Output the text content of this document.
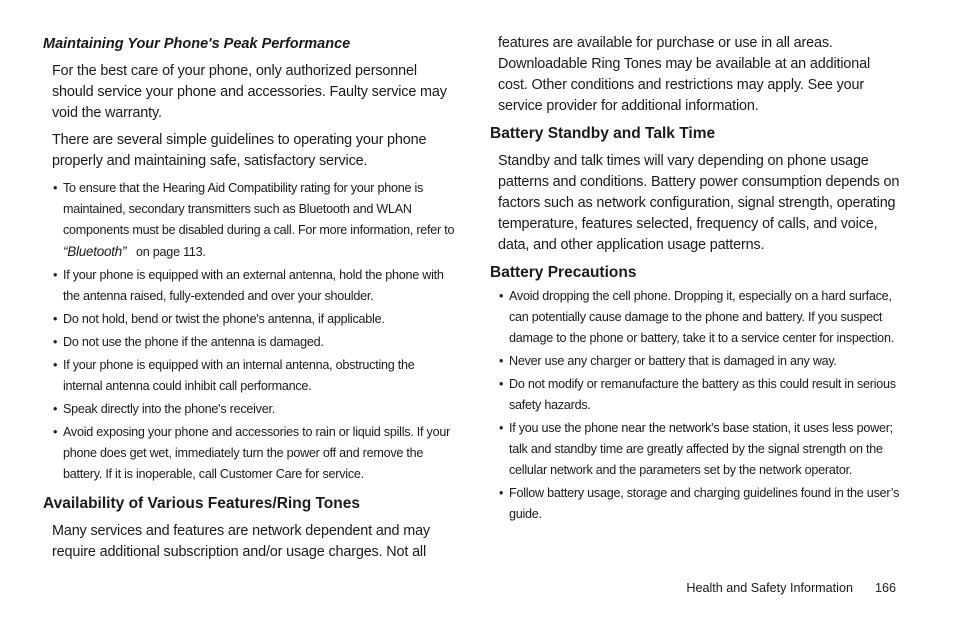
Maintaining Your Phone's Peak Performance

For the best care of your phone, only authorized personnel should service your phone and accessories. Faulty service may void the warranty.

There are several simple guidelines to operating your phone properly and maintaining safe, satisfactory service.

• To ensure that the Hearing Aid Compatibility rating for your phone is maintained, secondary transmitters such as Bluetooth and WLAN components must be disabled during a call. For more information, refer to “Bluetooth” on page 113.
• If your phone is equipped with an external antenna, hold the phone with the antenna raised, fully-extended and over your shoulder.
• Do not hold, bend or twist the phone's antenna, if applicable.
• Do not use the phone if the antenna is damaged.
• If your phone is equipped with an internal antenna, obstructing the internal antenna could inhibit call performance.
• Speak directly into the phone's receiver.
• Avoid exposing your phone and accessories to rain or liquid spills. If your phone does get wet, immediately turn the power off and remove the battery. If it is inoperable, call Customer Care for service.
Availability of Various Features/Ring Tones

Many services and features are network dependent and may require additional subscription and/or usage charges. Not all

features are available for purchase or use in all areas. Downloadable Ring Tones may be available at an additional cost. Other conditions and restrictions may apply. See your service provider for additional information.

Battery Standby and Talk Time

Standby and talk times will vary depending on phone usage patterns and conditions. Battery power consumption depends on factors such as network configuration, signal strength, operating temperature, features selected, frequency of calls, and voice, data, and other application usage patterns.

Battery Precautions
• Avoid dropping the cell phone. Dropping it, especially on a hard surface, can potentially cause damage to the phone and battery. If you suspect damage to the phone or battery, take it to a service center for inspection.
• Never use any charger or battery that is damaged in any way.
• Do not modify or remanufacture the battery as this could result in serious safety hazards.
• If you use the phone near the network's base station, it uses less power; talk and standby time are greatly affected by the signal strength on the cellular network and the parameters set by the network operator.
• Follow battery usage, storage and charging guidelines found in the user’s guide.
Health and Safety Information 166
